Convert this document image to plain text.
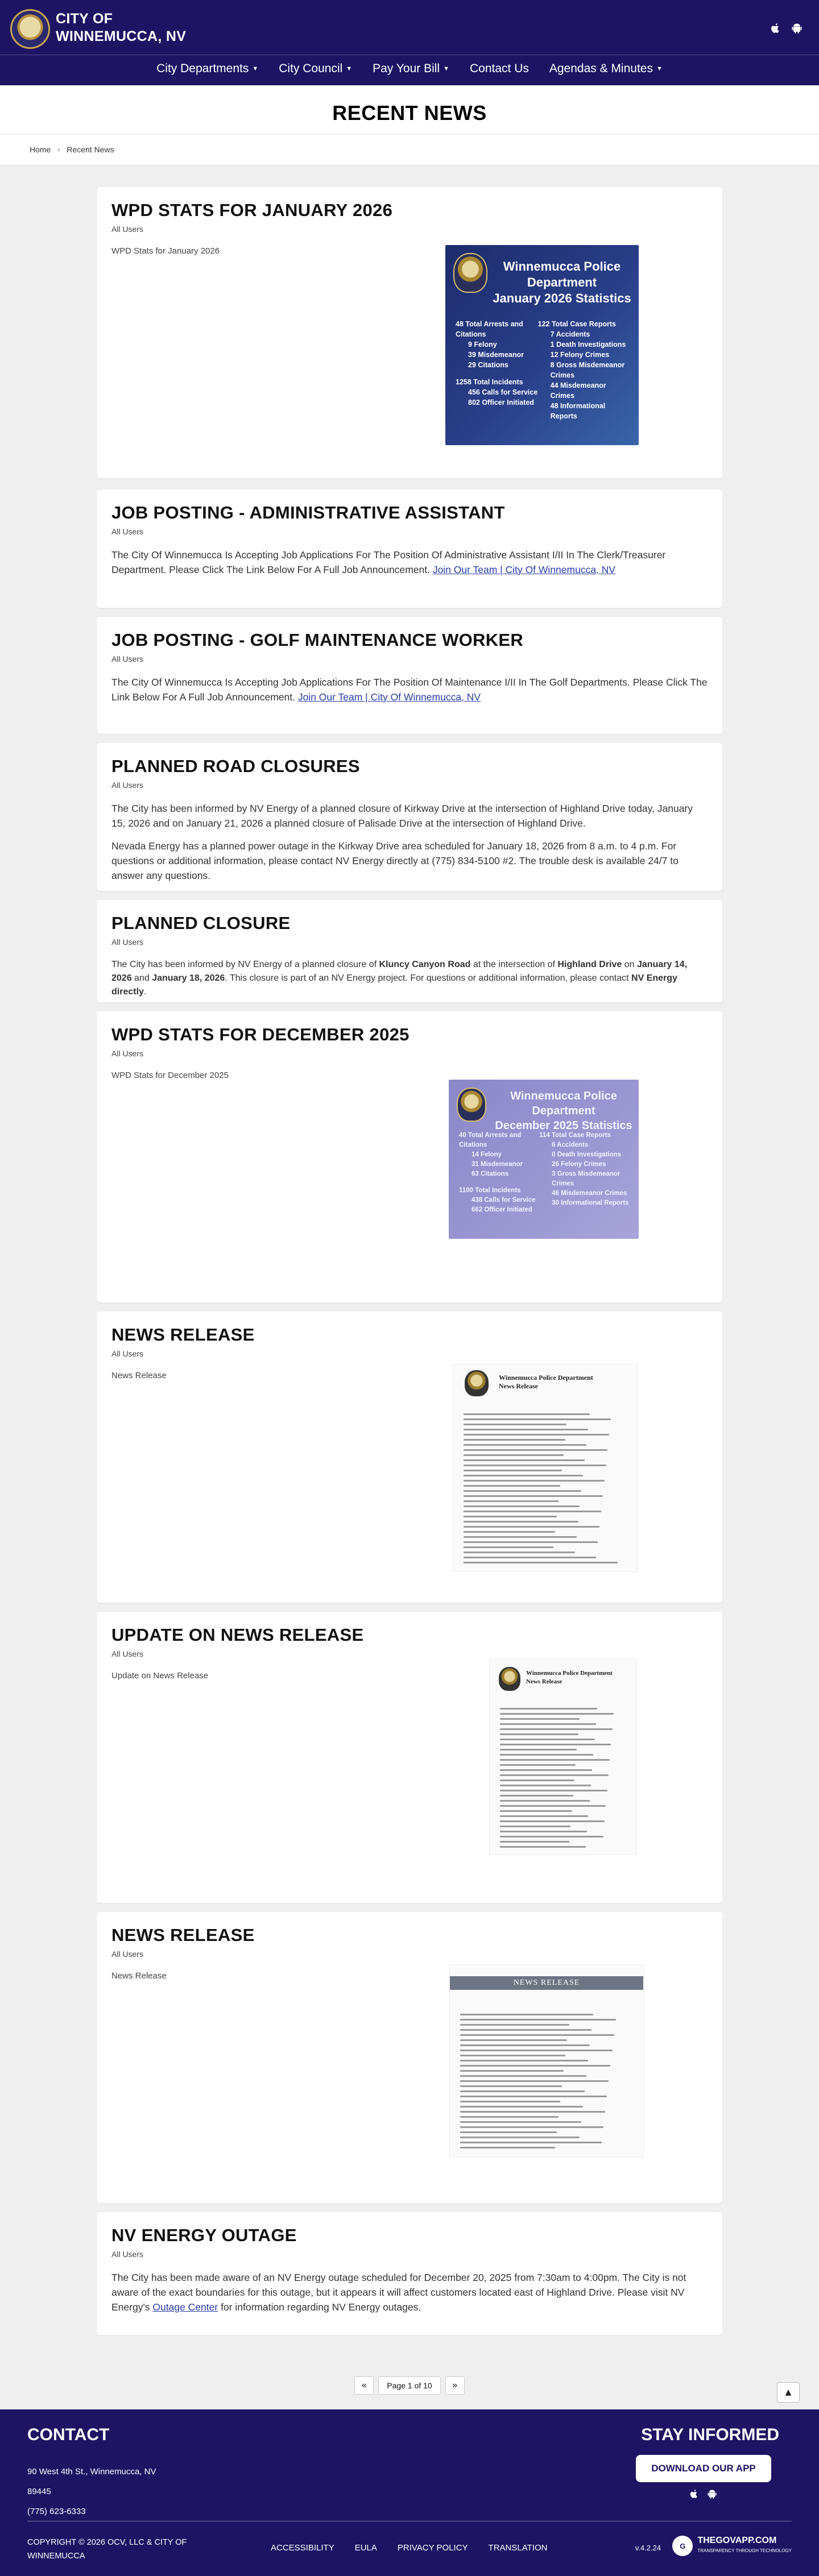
CITY OF
WINNEMUCCA, NV
City Departments ▼ City Council ▼ Pay Your Bill ▼ Contact Us Agendas & Minutes ▼
RECENT NEWS
Home › Recent News
WPD STATS FOR JANUARY 2026
All Users
WPD Stats for January 2026
Winnemucca Police Department
January 2026 Statistics
48 Total Arrests and Citations
9 Felony
39 Misdemeanor
29 Citations
1258 Total Incidents
456 Calls for Service
802 Officer Initiated
122 Total Case Reports
7 Accidents
1 Death Investigations
12 Felony Crimes
8 Gross Misdemeanor Crimes
44 Misdemeanor Crimes
48 Informational Reports
JOB POSTING - ADMINISTRATIVE ASSISTANT
All Users
The City Of Winnemucca Is Accepting Job Applications For The Position Of Administrative Assistant I/II In The Clerk/Treasurer Department. Please Click The Link Below For A Full Job Announcement. Join Our Team | City Of Winnemucca, NV
JOB POSTING - GOLF MAINTENANCE WORKER
All Users
The City Of Winnemucca Is Accepting Job Applications For The Position Of Maintenance I/II In The Golf Departments. Please Click The Link Below For A Full Job Announcement. Join Our Team | City Of Winnemucca, NV
PLANNED ROAD CLOSURES
All Users

The City has been informed by NV Energy of a planned closure of Kirkway Drive at the intersection of Highland Drive today, January 15, 2026 and on January 21, 2026 a planned closure of Palisade Drive at the intersection of Highland Drive.

Nevada Energy has a planned power outage in the Kirkway Drive area scheduled for January 18, 2026 from 8 a.m. to 4 p.m. For questions or additional information, please contact NV Energy directly at (775) 834-5100 #2. The trouble desk is available 24/7 to answer any questions.

PLANNED CLOSURE
All Users
The City has been informed by NV Energy of a planned closure of Kluncy Canyon Road at the intersection of Highland Drive on January 14, 2026 and January 18, 2026. This closure is part of an NV Energy project. For questions or additional information, please contact NV Energy directly.
WPD STATS FOR DECEMBER 2025
All Users
WPD Stats for December 2025
Winnemucca Police Department
December 2025 Statistics
40 Total Arrests and Citations
14 Felony
31 Misdemeanor
63 Citations
1100 Total Incidents
438 Calls for Service
662 Officer Initiated
114 Total Case Reports
6 Accidents
0 Death Investigations
26 Felony Crimes
3 Gross Misdemeanor Crimes
46 Misdemeanor Crimes
30 Informational Reports
NEWS RELEASE
All Users
News Release	Winnemucca Police Department
News Release
UPDATE ON NEWS RELEASE
All Users
Update on News Release	Winnemucca Police Department
News Release
NEWS RELEASE
All Users
News Release
NEWS RELEASE
NV ENERGY OUTAGE
All Users
The City has been made aware of an NV Energy outage scheduled for December 20, 2025 from 7:30am to 4:00pm. The City is not aware of the exact boundaries for this outage, but it appears it will affect customers located east of Highland Drive. Please visit NV Energy's Outage Center for information regarding NV Energy outages.
«	Page 1 of 10	»
▲
CONTACT
90 West 4th St., Winnemucca, NV
89445
(775) 623-6333
STAY INFORMED
DOWNLOAD OUR APP
COPYRIGHT © 2026 OCV, LLC & CITY OF WINNEMUCCA
ACCESSIBILITY EULA PRIVACY POLICY TRANSLATION	v.4.2.24	G
THEGOVAPP.COM
TRANSPARENCY THROUGH TECHNOLOGY
